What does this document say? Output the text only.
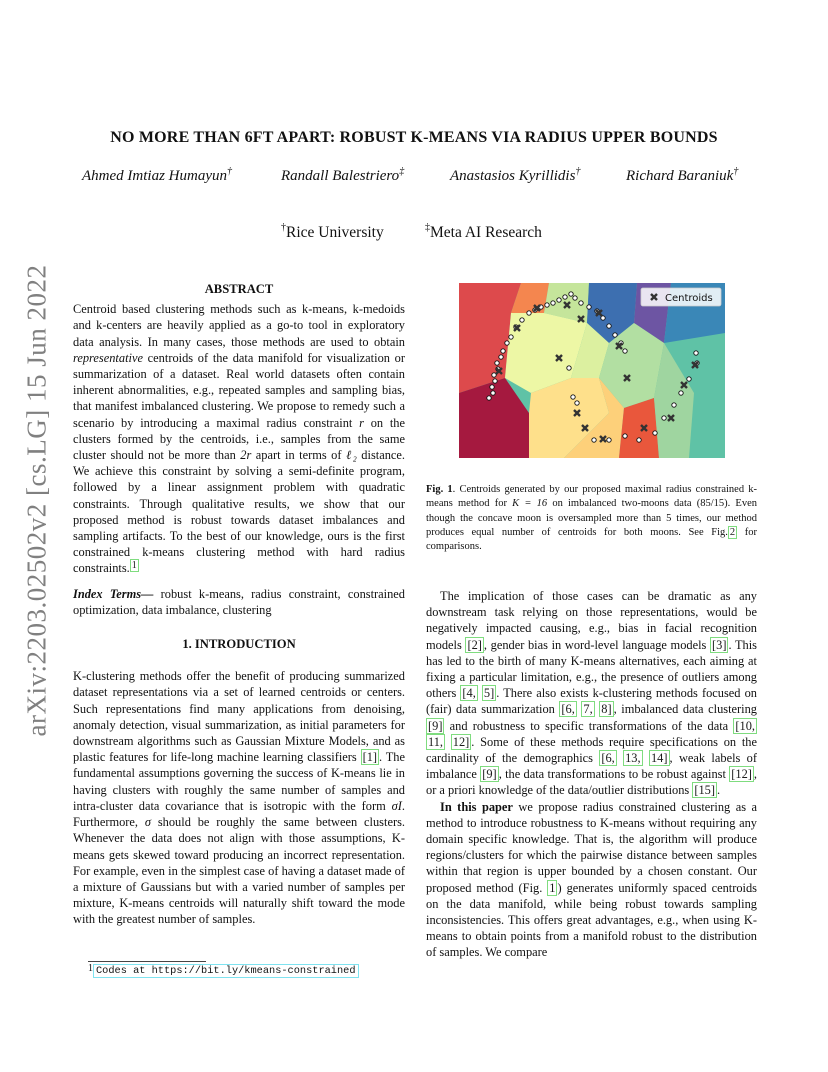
arXiv:2203.02502v2 [cs.LG] 15 Jun 2022
NO MORE THAN 6FT APART: ROBUST K-MEANS VIA RADIUS UPPER BOUNDS
Ahmed Imtiaz Humayun†	Randall Balestriero‡	Anastasios Kyrillidis†	Richard Baraniuk†
†Rice University	‡Meta AI Research
ABSTRACT

Centroid based clustering methods such as k-means, k-medoids and k-centers are heavily applied as a go-to tool in exploratory data analysis. In many cases, those methods are used to obtain representative centroids of the data manifold for visualization or summarization of a dataset. Real world datasets often contain inherent abnormalities, e.g., repeated samples and sampling bias, that manifest imbalanced clustering. We propose to remedy such a scenario by introducing a maximal radius constraint r on the clusters formed by the centroids, i.e., samples from the same cluster should not be more than 2r apart in terms of ℓ₂ distance. We achieve this constraint by solving a semi-definite program, followed by a linear assignment problem with quadratic constraints. Through qualitative results, we show that our proposed method is robust towards dataset imbalances and sampling artifacts. To the best of our knowledge, ours is the first constrained k-means clustering method with hard radius constraints. $^1$

Index Terms— robust k-means, radius constraint, constrained optimization, data imbalance, clustering

1. INTRODUCTION

K-clustering methods offer the benefit of producing summarized dataset representations via a set of learned centroids or centers. Such representations find many applications from denoising, anomaly detection, visual summarization, as initial parameters for downstream algorithms such as Gaussian Mixture Models, and as plastic features for life-long machine learning classifiers [1] . The fundamental assumptions governing the success of K-means lie in having clusters with roughly the same number of samples and intra-cluster data covariance that is isotropic with the form σI. Furthermore, σ should be roughly the same between clusters. Whenever the data does not align with those assumptions, K-means gets skewed toward producing an incorrect representation. For example, even in the simplest case of having a dataset made of a mixture of Gaussians but with a varied number of samples per mixture, K-means centroids will naturally shift toward the mode with the greatest number of samples.

$^1$ Codes at https://bit.ly/kmeans-constrained
Centroids
Fig. 1. Centroids generated by our proposed maximal radius constrained k-means method for K = 16 on imbalanced two-moons data (85/15). Even though the concave moon is oversampled more than 5 times, our method produces equal number of centroids for both moons. See Fig. 2 for comparisons.

The implication of those cases can be dramatic as any downstream task relying on those representations, would be negatively impacted causing, e.g., bias in facial recognition models [2] , gender bias in word-level language models [3] . This has led to the birth of many K-means alternatives, each aiming at fixing a particular limitation, e.g., the presence of outliers among others [4, 5] . There also exists k-clustering methods focused on (fair) data summarization [6, 7, 8] , imbalanced data clustering [9] and robustness to specific transformations of the data [10, 11, 12] . Some of these methods require specifications on the cardinality of the demographics [6, 13, 14] , weak labels of imbalance [9] , the data transformations to be robust against [12] , or a priori knowledge of the data/outlier distributions [15] .

In this paper we propose radius constrained clustering as a method to introduce robustness to K-means without requiring any domain specific knowledge. That is, the algorithm will produce regions/clusters for which the pairwise distance between samples within that region is upper bounded by a chosen constant. Our proposed method (Fig. 1 ) generates uniformly spaced centroids on the data manifold, while being robust towards sampling inconsistencies. This offers great advantages, e.g., when using K-means to obtain points from a manifold robust to the distribution of samples. We compare
